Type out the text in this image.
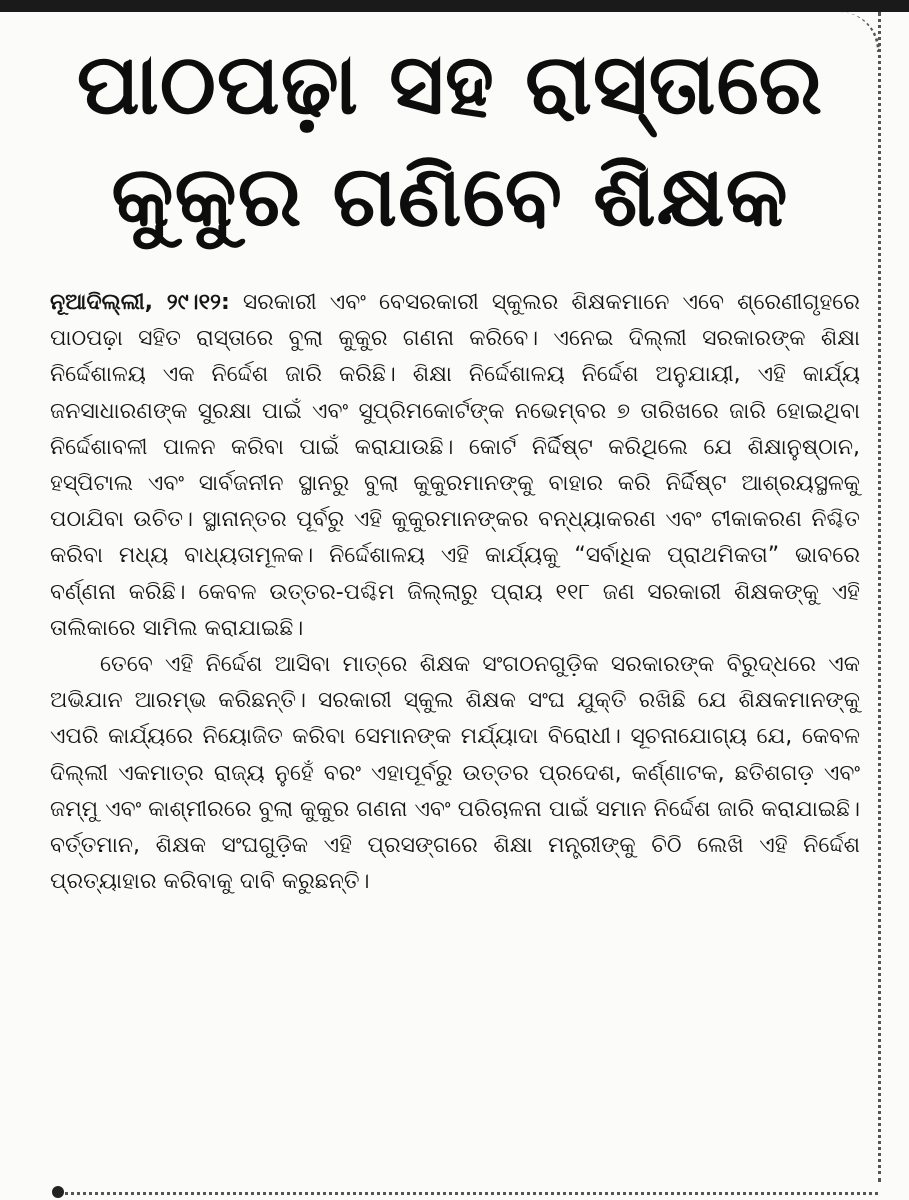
ପାଠପଢ଼ା ସହ ରାସ୍ତାରେ
କୁକୁର ଗଣିବେ ଶିକ୍ଷକ

ନୂଆଦିଲ୍ଲୀ, ୨୯।୧୨: ସରକାରୀ ଏବଂ ବେସରକାରୀ ସ୍କୁଲର ଶିକ୍ଷକମାନେ ଏବେ ଶ୍ରେଣୀଗୃହରେ ପାଠପଢ଼ା ସହିତ ରାସ୍ତାରେ ବୁଲା କୁକୁର ଗଣନା କରିବେ। ଏନେଇ ଦିଲ୍ଲୀ ସରକାରଙ୍କ ଶିକ୍ଷା ନିର୍ଦ୍ଦେଶାଳୟ ଏକ ନିର୍ଦ୍ଦେଶ ଜାରି କରିଛି। ଶିକ୍ଷା ନିର୍ଦ୍ଦେଶାଳୟ ନିର୍ଦ୍ଦେଶ ଅନୁଯାୟୀ, ଏହି କାର୍ଯ୍ୟ ଜନସାଧାରଣଙ୍କ ସୁରକ୍ଷା ପାଇଁ ଏବଂ ସୁପ୍ରିମକୋର୍ଟଙ୍କ ନଭେମ୍ବର ୭ ତାରିଖରେ ଜାରି ହୋଇଥିବା ନିର୍ଦ୍ଦେଶାବଳୀ ପାଳନ କରିବା ପାଇଁ କରାଯାଉଛି। କୋର୍ଟ ନିର୍ଦ୍ଦିଷ୍ଟ କରିଥିଲେ ଯେ ଶିକ୍ଷାନୁଷ୍ଠାନ, ହସ୍ପିଟାଲ ଏବଂ ସାର୍ବଜନୀନ ସ୍ଥାନରୁ ବୁଲା କୁକୁରମାନଙ୍କୁ ବାହାର କରି ନିର୍ଦ୍ଦିଷ୍ଟ ଆଶ୍ରୟସ୍ଥଳକୁ ପଠାଯିବା ଉଚିତ। ସ୍ଥାନାନ୍ତର ପୂର୍ବରୁ ଏହି କୁକୁରମାନଙ୍କର ବନ୍ଧ୍ୟାକରଣ ଏବଂ ଟୀକାକରଣ ନିଶ୍ଚିତ କରିବା ମଧ୍ୟ ବାଧ୍ୟତାମୂଳକ। ନିର୍ଦ୍ଦେଶାଳୟ ଏହି କାର୍ଯ୍ୟକୁ “ସର୍ବାଧିକ ପ୍ରାଥମିକତା” ଭାବରେ ବର୍ଣ୍ଣନା କରିଛି। କେବଳ ଉତ୍ତର-ପଶ୍ଚିମ ଜିଲ୍ଲାରୁ ପ୍ରାୟ ୧୧୮ ଜଣ ସରକାରୀ ଶିକ୍ଷକଙ୍କୁ ଏହି ତାଲିକାରେ ସାମିଲ କରାଯାଇଛି।

ତେବେ ଏହି ନିର୍ଦ୍ଦେଶ ଆସିବା ମାତ୍ରେ ଶିକ୍ଷକ ସଂଗଠନଗୁଡ଼ିକ ସରକାରଙ୍କ ବିରୁଦ୍ଧରେ ଏକ ଅଭିଯାନ ଆରମ୍ଭ କରିଛନ୍ତି। ସରକାରୀ ସ୍କୁଲ ଶିକ୍ଷକ ସଂଘ ଯୁକ୍ତି ରଖିଛି ଯେ ଶିକ୍ଷକମାନଙ୍କୁ ଏପରି କାର୍ଯ୍ୟରେ ନିୟୋଜିତ କରିବା ସେମାନଙ୍କ ମର୍ଯ୍ୟାଦା ବିରୋଧୀ। ସୂଚନାଯୋଗ୍ୟ ଯେ, କେବଳ ଦିଲ୍ଲୀ ଏକମାତ୍ର ରାଜ୍ୟ ନୁହେଁ ବରଂ ଏହାପୂର୍ବରୁ ଉତ୍ତର ପ୍ରଦେଶ, କର୍ଣ୍ଣାଟକ, ଛତିଶଗଡ଼ ଏବଂ ଜମ୍ମୁ ଏବଂ କାଶ୍ମୀରରେ ବୁଲା କୁକୁର ଗଣନା ଏବଂ ପରିଚାଳନା ପାଇଁ ସମାନ ନିର୍ଦ୍ଦେଶ ଜାରି କରାଯାଇଛି। ବର୍ତ୍ତମାନ, ଶିକ୍ଷକ ସଂଘଗୁଡ଼ିକ ଏହି ପ୍ରସଙ୍ଗରେ ଶିକ୍ଷା ମନ୍ତ୍ରୀଙ୍କୁ ଚିଠି ଲେଖି ଏହି ନିର୍ଦ୍ଦେଶ ପ୍ରତ୍ୟାହାର କରିବାକୁ ଦାବି କରୁଛନ୍ତି।
